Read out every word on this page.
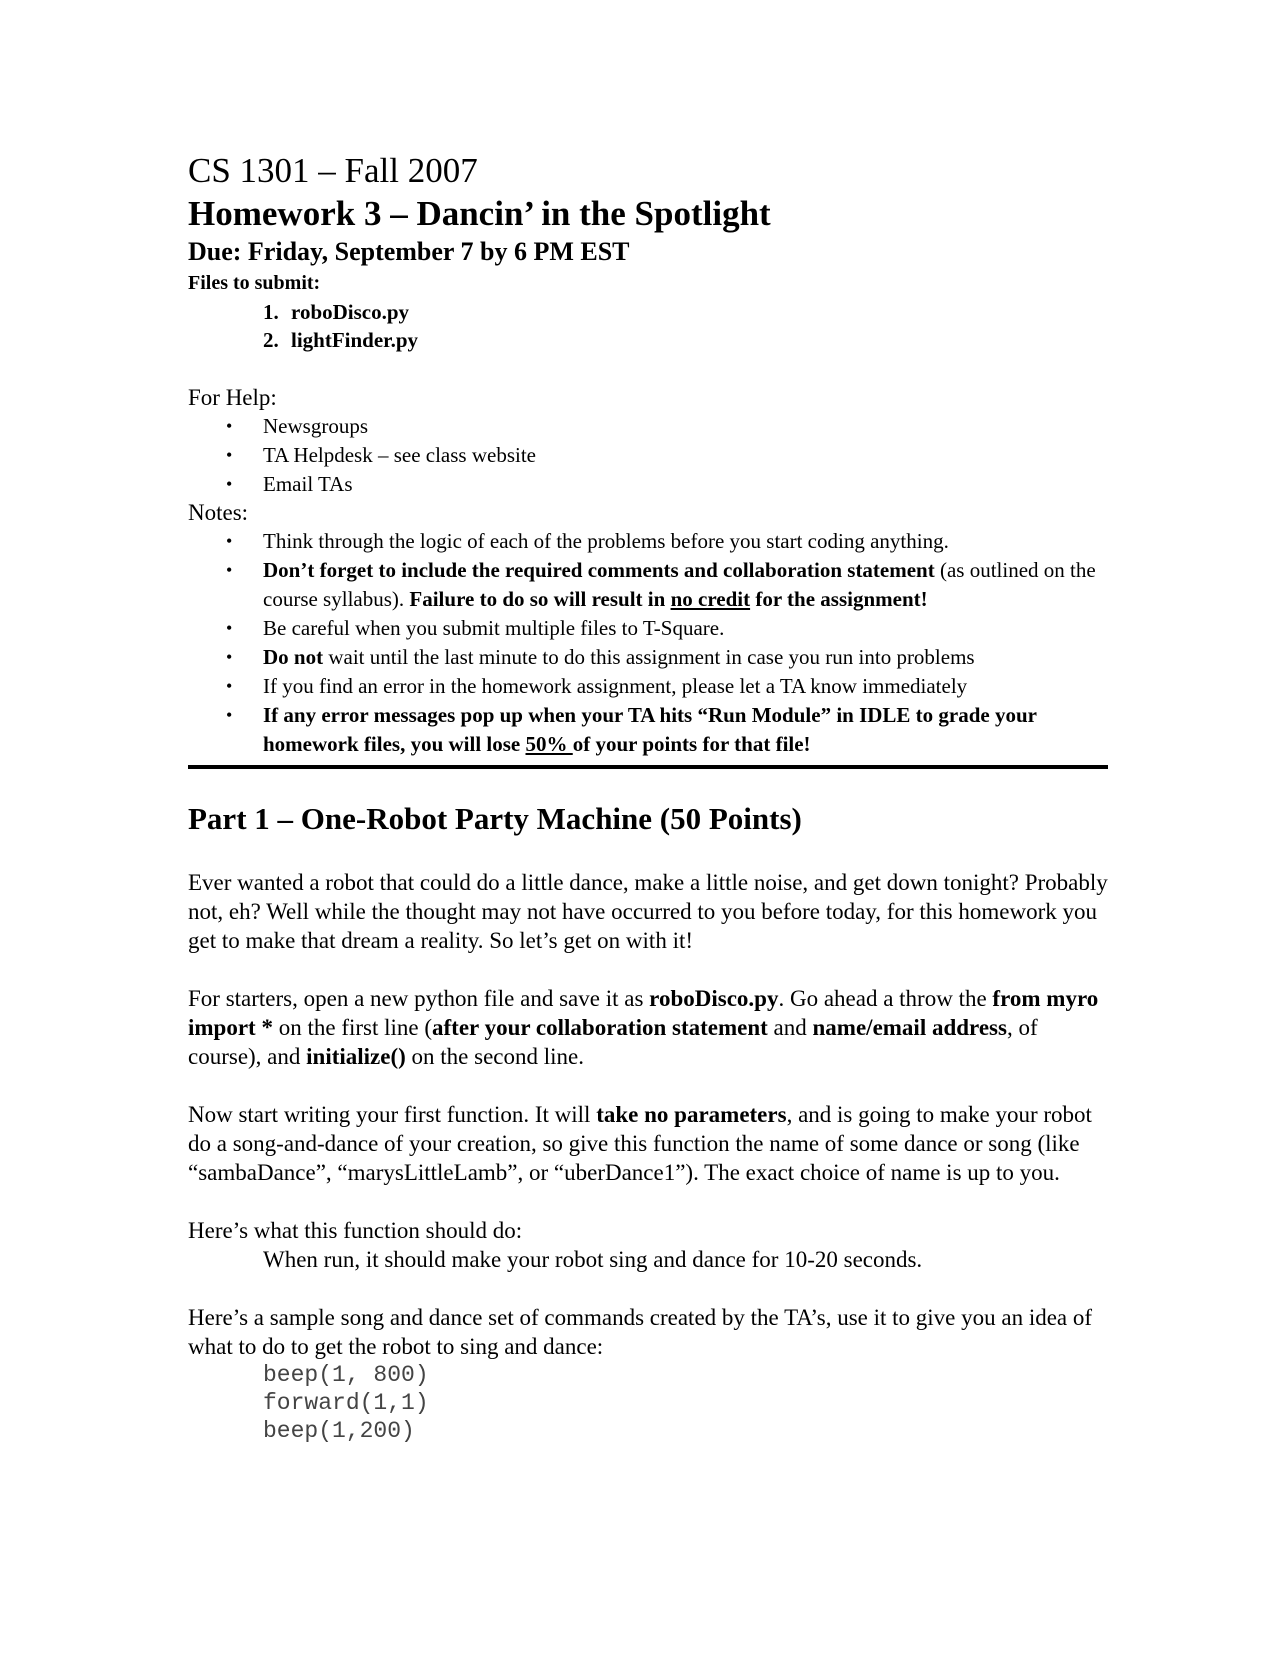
CS 1301 – Fall 2007
Homework 3 – Dancin’ in the Spotlight
Due: Friday, September 7 by 6 PM EST
Files to submit:
1. roboDisco.py
2. lightFinder.py
For Help:
• Newsgroups
• TA Helpdesk – see class website
• Email TAs
Notes:
• Think through the logic of each of the problems before you start coding anything.
• Don’t forget to include the required comments and collaboration statement (as outlined on the course syllabus). Failure to do so will result in no credit for the assignment!
• Be careful when you submit multiple files to T-Square.
• Do not wait until the last minute to do this assignment in case you run into problems
• If you find an error in the homework assignment, please let a TA know immediately
• If any error messages pop up when your TA hits “Run Module” in IDLE to grade your homework files, you will lose 50% of your points for that file!
Part 1 – One-Robot Party Machine (50 Points)

Ever wanted a robot that could do a little dance, make a little noise, and get down tonight? Probably not, eh? Well while the thought may not have occurred to you before today, for this homework you get to make that dream a reality. So let’s get on with it!

For starters, open a new python file and save it as roboDisco.py. Go ahead a throw the from myro import * on the first line (after your collaboration statement and name/email address, of course), and initialize() on the second line.

Now start writing your first function. It will take no parameters, and is going to make your robot do a song-and-dance of your creation, so give this function the name of some dance or song (like “sambaDance”, “marysLittleLamb”, or “uberDance1”). The exact choice of name is up to you.

Here’s what this function should do:

When run, it should make your robot sing and dance for 10-20 seconds.

Here’s a sample song and dance set of commands created by the TA’s, use it to give you an idea of what to do to get the robot to sing and dance:

beep(1, 800)
forward(1,1)
beep(1,200)
